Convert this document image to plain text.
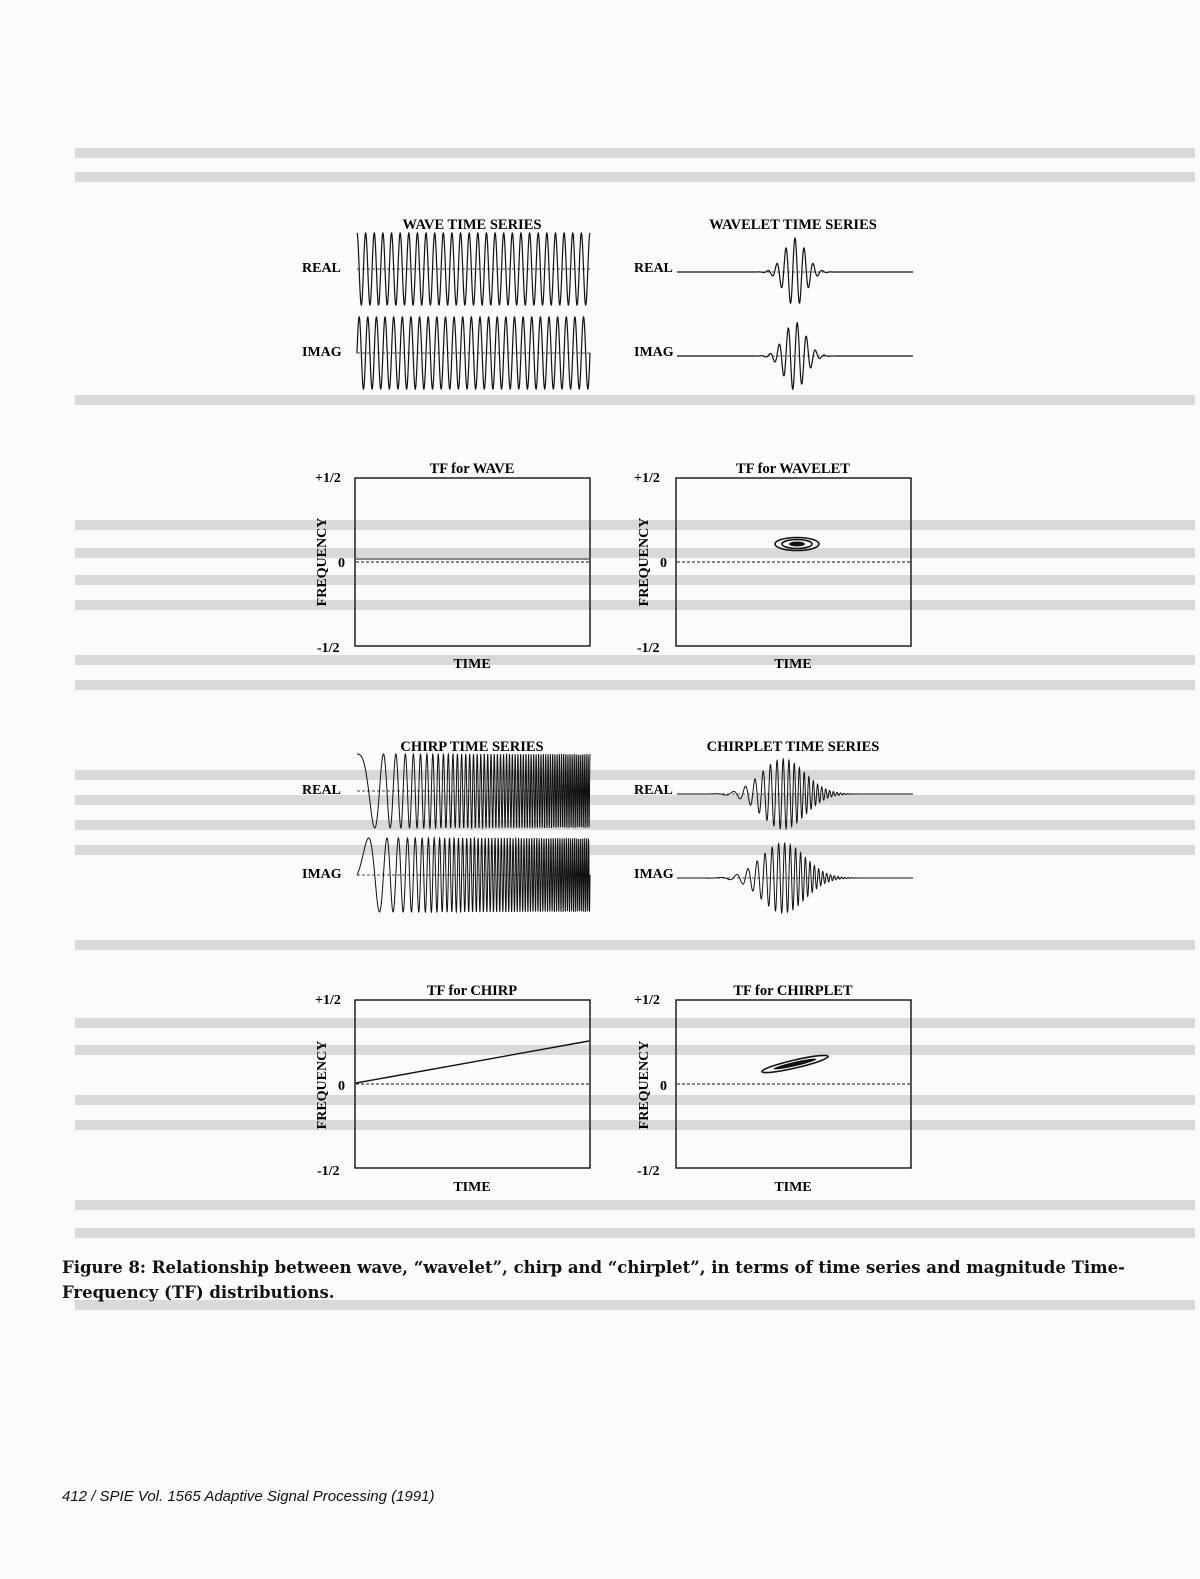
WAVE TIME SERIES
REAL
IMAG
WAVELET TIME SERIES
REAL
IMAG
TF for WAVE
+1/2
0
-1/2
FREQUENCY
TIME
TF for WAVELET
+1/2
0
-1/2
FREQUENCY
TIME
CHIRP TIME SERIES
REAL
IMAG
CHIRPLET TIME SERIES
REAL
IMAG
TF for CHIRP
+1/2
0
-1/2
FREQUENCY
TIME
TF for CHIRPLET
+1/2
0
-1/2
FREQUENCY
TIME
Figure 8: Relationship between wave, “wavelet”, chirp and “chirplet”, in terms of time series and magnitude Time-Frequency (TF) distributions.
412 / SPIE Vol. 1565 Adaptive Signal Processing (1991)
